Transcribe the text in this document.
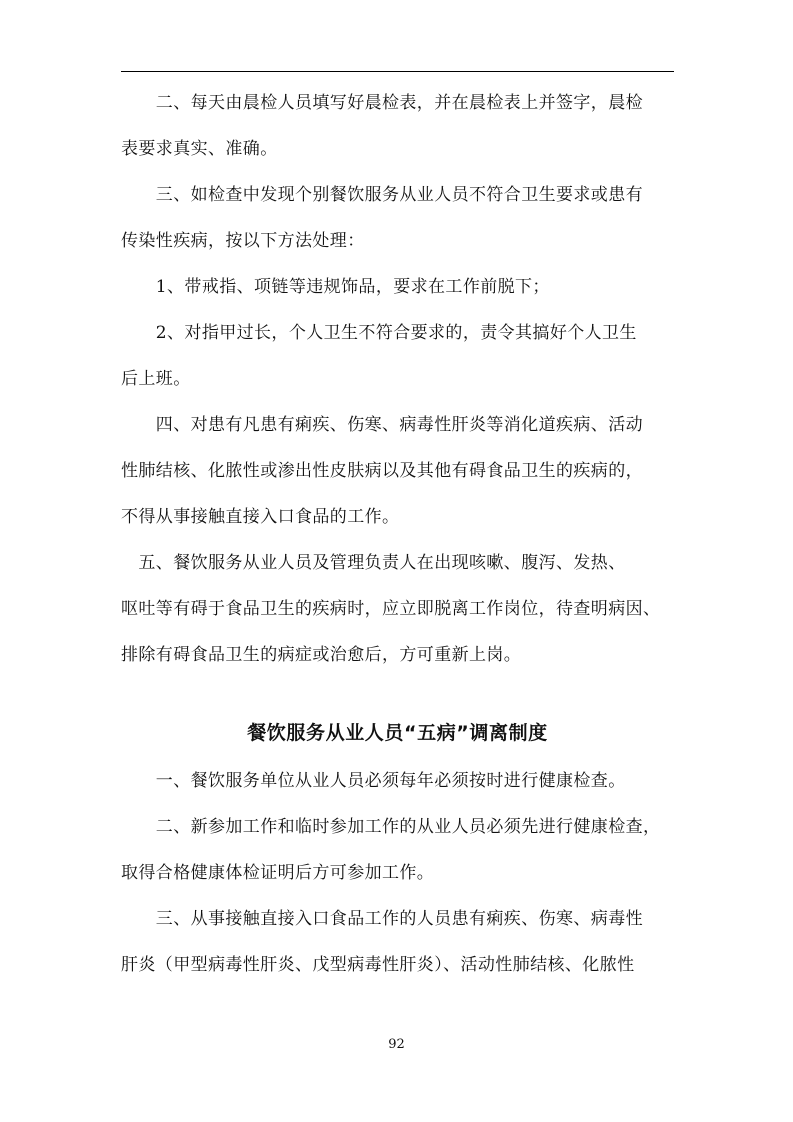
　　二、每天由晨检人员填写好晨检表，并在晨检表上并签字，晨检

表要求真实、准确。

　　三、如检查中发现个别餐饮服务从业人员不符合卫生要求或患有

传染性疾病，按以下方法处理：

　　1、带戒指、项链等违规饰品，要求在工作前脱下；

　　2、对指甲过长，个人卫生不符合要求的，责令其搞好个人卫生

后上班。

　　四、对患有凡患有痢疾、伤寒、病毒性肝炎等消化道疾病、活动

性肺结核、化脓性或渗出性皮肤病以及其他有碍食品卫生的疾病的，

不得从事接触直接入口食品的工作。

　五、餐饮服务从业人员及管理负责人在出现咳嗽、腹泻、发热、

呕吐等有碍于食品卫生的疾病时，应立即脱离工作岗位，待查明病因、

排除有碍食品卫生的病症或治愈后，方可重新上岗。

餐饮服务从业人员“五病”调离制度

　　一、餐饮服务单位从业人员必须每年必须按时进行健康检查。

　　二、新参加工作和临时参加工作的从业人员必须先进行健康检查，

取得合格健康体检证明后方可参加工作。

　　三、从事接触直接入口食品工作的人员患有痢疾、伤寒、病毒性

肝炎（甲型病毒性肝炎、戊型病毒性肝炎）、活动性肺结核、化脓性

92
